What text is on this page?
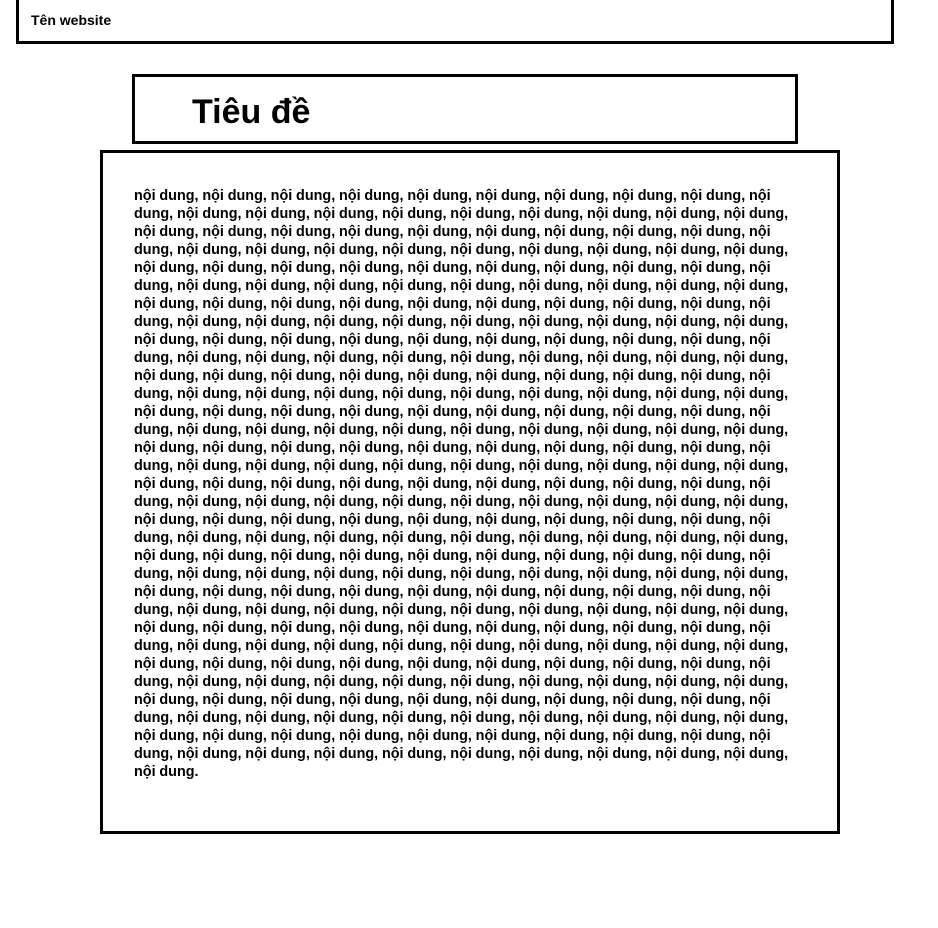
Tên website
Tiêu đề

nội dung, nội dung, nội dung, nội dung, nội dung, nội dung, nội dung, nội dung, nội dung, nội dung, nội dung, nội dung, nội dung, nội dung, nội dung, nội dung, nội dung, nội dung, nội dung, nội dung, nội dung, nội dung, nội dung, nội dung, nội dung, nội dung, nội dung, nội dung, nội dung, nội dung, nội dung, nội dung, nội dung, nội dung, nội dung, nội dung, nội dung, nội dung, nội dung, nội dung, nội dung, nội dung, nội dung, nội dung, nội dung, nội dung, nội dung, nội dung, nội dung, nội dung, nội dung, nội dung, nội dung, nội dung, nội dung, nội dung, nội dung, nội dung, nội dung, nội dung, nội dung, nội dung, nội dung, nội dung, nội dung, nội dung, nội dung, nội dung, nội dung, nội dung, nội dung, nội dung, nội dung, nội dung, nội dung, nội dung, nội dung, nội dung, nội dung, nội dung, nội dung, nội dung, nội dung, nội dung, nội dung, nội dung, nội dung, nội dung, nội dung, nội dung, nội dung, nội dung, nội dung, nội dung, nội dung, nội dung, nội dung, nội dung, nội dung, nội dung, nội dung, nội dung, nội dung, nội dung, nội dung, nội dung, nội dung, nội dung, nội dung, nội dung, nội dung, nội dung, nội dung, nội dung, nội dung, nội dung, nội dung, nội dung, nội dung, nội dung, nội dung, nội dung, nội dung, nội dung, nội dung, nội dung, nội dung, nội dung, nội dung, nội dung, nội dung, nội dung, nội dung, nội dung, nội dung, nội dung, nội dung, nội dung, nội dung, nội dung, nội dung, nội dung, nội dung, nội dung, nội dung, nội dung, nội dung, nội dung, nội dung, nội dung, nội dung, nội dung, nội dung, nội dung, nội dung, nội dung, nội dung, nội dung, nội dung, nội dung, nội dung, nội dung, nội dung, nội dung, nội dung, nội dung, nội dung, nội dung, nội dung, nội dung, nội dung, nội dung, nội dung, nội dung, nội dung, nội dung, nội dung, nội dung, nội dung, nội dung, nội dung, nội dung, nội dung, nội dung, nội dung, nội dung, nội dung, nội dung, nội dung, nội dung, nội dung, nội dung, nội dung, nội dung, nội dung, nội dung, nội dung, nội dung, nội dung, nội dung, nội dung, nội dung, nội dung, nội dung, nội dung, nội dung, nội dung, nội dung, nội dung, nội dung, nội dung, nội dung, nội dung, nội dung, nội dung, nội dung, nội dung, nội dung, nội dung, nội dung, nội dung, nội dung, nội dung, nội dung, nội dung, nội dung, nội dung, nội dung, nội dung, nội dung, nội dung, nội dung, nội dung, nội dung, nội dung, nội dung, nội dung, nội dung, nội dung, nội dung, nội dung, nội dung, nội dung, nội dung, nội dung, nội dung, nội dung, nội dung, nội dung, nội dung, nội dung, nội dung, nội dung, nội dung, nội dung, nội dung, nội dung, nội dung, nội dung, nội dung, nội dung, nội dung, nội dung, nội dung, nội dung, nội dung, nội dung, nội dung, nội dung, nội dung, nội dung, nội dung, nội dung, nội dung, nội dung, nội dung, nội dung, nội dung, nội dung, nội dung, nội dung, nội dung, nội dung, nội dung, nội dung, nội dung, nội dung, nội dung, nội dung, nội dung, nội dung, nội dung, nội dung, nội dung, nội dung, nội dung, nội dung, nội dung, nội dung, nội dung, nội dung, nội dung, nội dung, nội dung, nội dung.
